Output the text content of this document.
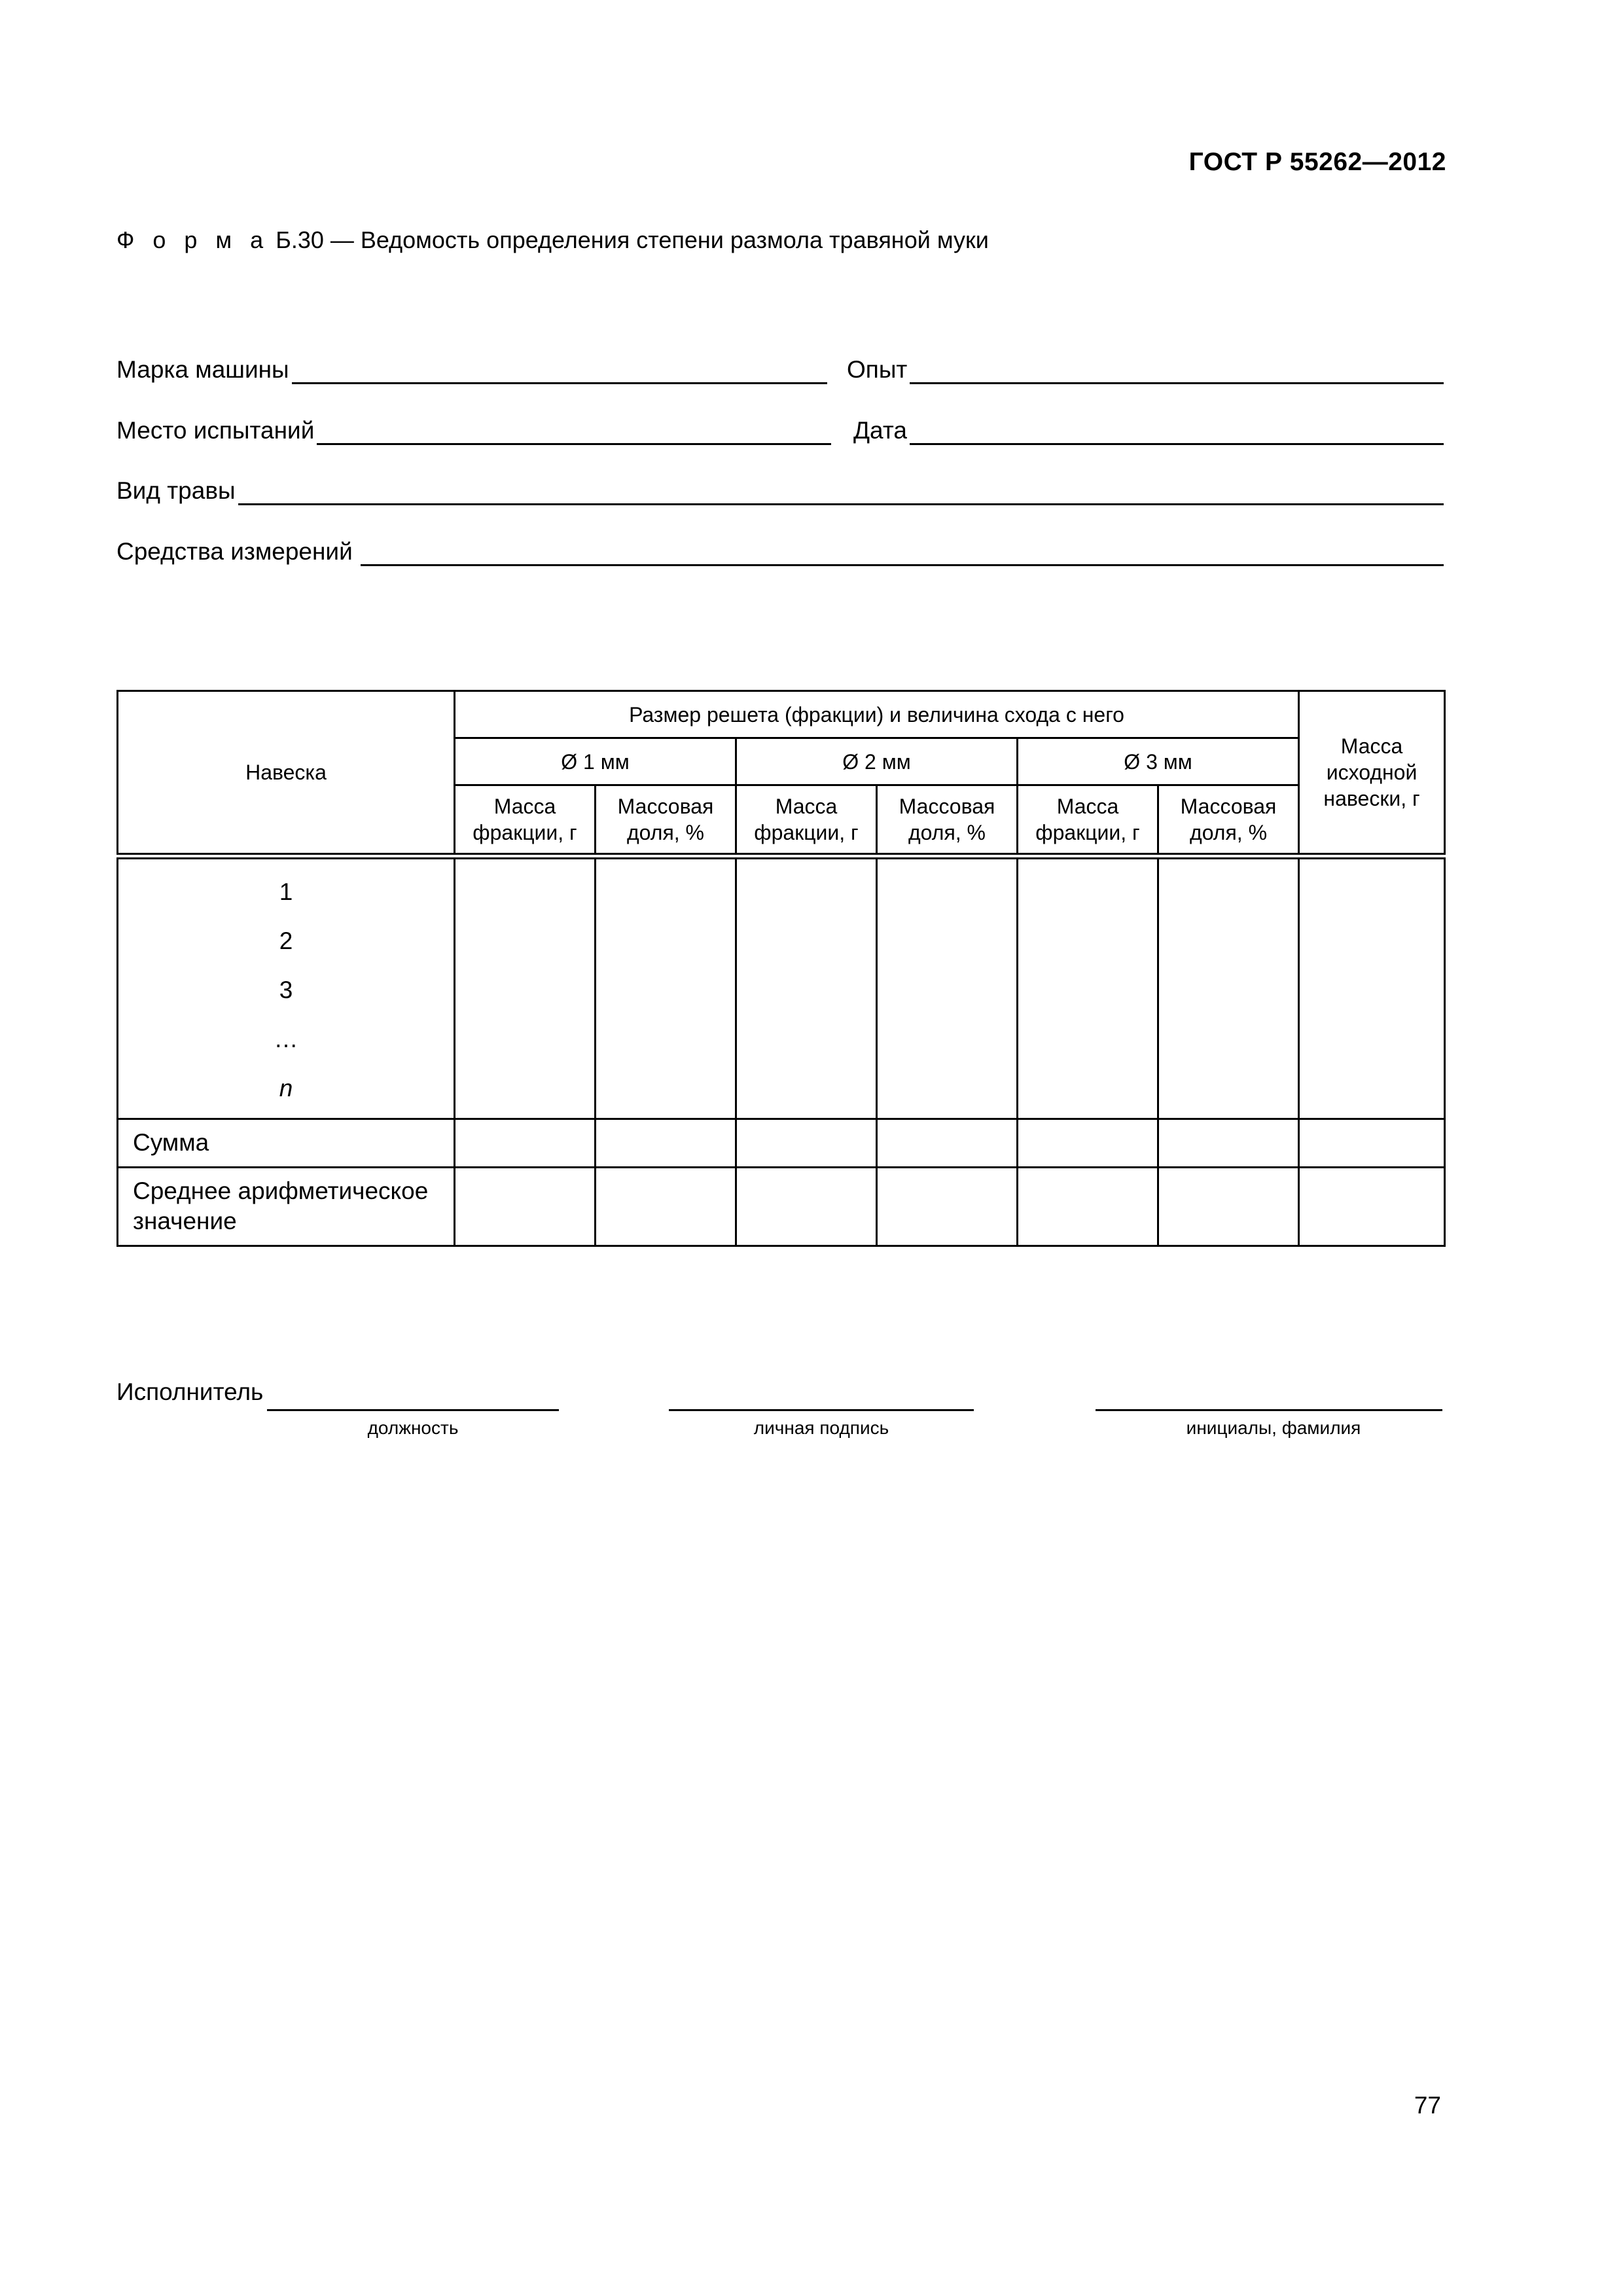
ГОСТ Р 55262—2012
Ф о р м а Б.30 — Ведомость определения степени размола травяной муки
Марка машины	Опыт
Место испытаний	Дата
Вид травы
Средства измерений
Навеска	Размер решета (фракции) и величина схода с него						Масса исходной навески, г
	Ø 1 мм		Ø 2 мм		Ø 3 мм		
	Масса фракции, г	Массовая доля, %	Масса фракции, г	Массовая доля, %	Масса фракции, г	Массовая доля, %	

1
2
3
…
n							

Сумма							
Среднее арифметическое значение							
Исполнитель
должность	личная подпись	инициалы, фамилия
77
